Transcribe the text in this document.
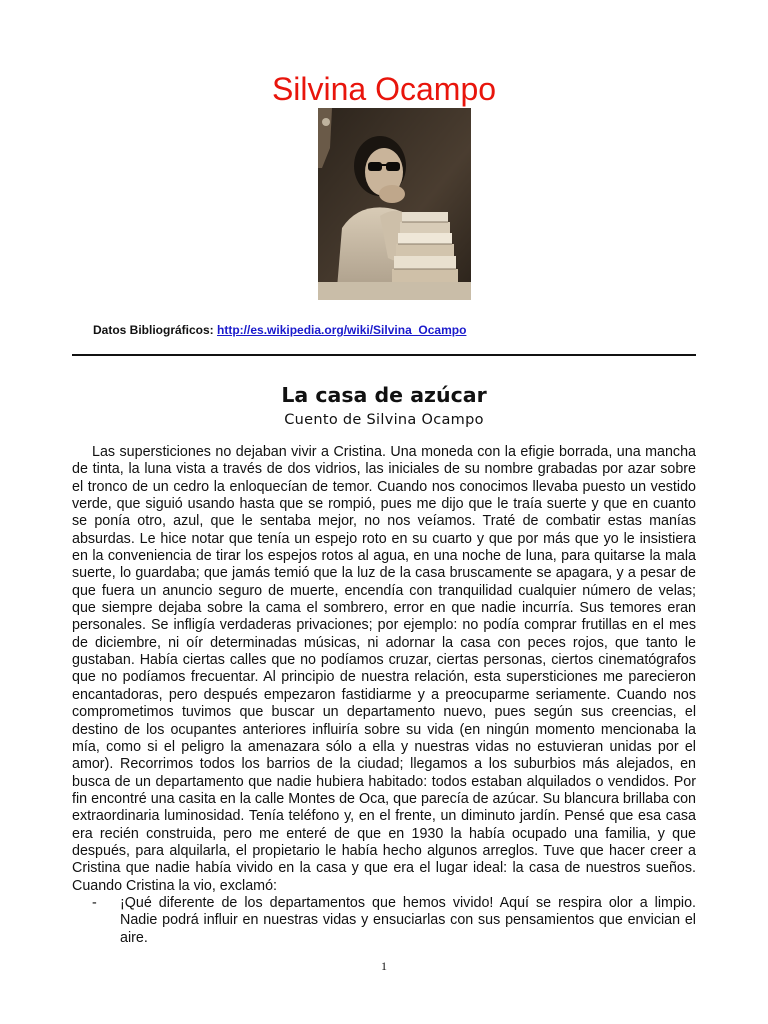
Silvina Ocampo
Datos Bibliográficos: http://es.wikipedia.org/wiki/Silvina_Ocampo
La casa de azúcar
Cuento de Silvina Ocampo

Las supersticiones no dejaban vivir a Cristina. Una moneda con la efigie borrada, una mancha de tinta, la luna vista a través de dos vidrios, las iniciales de su nombre grabadas por azar sobre el tronco de un cedro la enloquecían de temor. Cuando nos conocimos llevaba puesto un vestido verde, que siguió usando hasta que se rompió, pues me dijo que le traía suerte y que en cuanto se ponía otro, azul, que le sentaba mejor, no nos veíamos. Traté de combatir estas manías absurdas. Le hice notar que tenía un espejo roto en su cuarto y que por más que yo le insistiera en la conveniencia de tirar los espejos rotos al agua, en una noche de luna, para quitarse la mala suerte, lo guardaba; que jamás temió que la luz de la casa bruscamente se apagara, y a pesar de que fuera un anuncio seguro de muerte, encendía con tranquilidad cualquier número de velas; que siempre dejaba sobre la cama el sombrero, error en que nadie incurría. Sus temores eran personales. Se infligía verdaderas privaciones; por ejemplo: no podía comprar frutillas en el mes de diciembre, ni oír determinadas músicas, ni adornar la casa con peces rojos, que tanto le gustaban. Había ciertas calles que no podíamos cruzar, ciertas personas, ciertos cinematógrafos que no podíamos frecuentar. Al principio de nuestra relación, esta supersticiones me parecieron encantadoras, pero después empezaron fastidiarme y a preocuparme seriamente. Cuando nos comprometimos tuvimos que buscar un departamento nuevo, pues según sus creencias, el destino de los ocupantes anteriores influiría sobre su vida (en ningún momento mencionaba la mía, como si el peligro la amenazara sólo a ella y nuestras vidas no estuvieran unidas por el amor). Recorrimos todos los barrios de la ciudad; llegamos a los suburbios más alejados, en busca de un departamento que nadie hubiera habitado: todos estaban alquilados o vendidos. Por fin encontré una casita en la calle Montes de Oca, que parecía de azúcar. Su blancura brillaba con extraordinaria luminosidad. Tenía teléfono y, en el frente, un diminuto jardín. Pensé que esa casa era recién construida, pero me enteré de que en 1930 la había ocupado una familia, y que después, para alquilarla, el propietario le había hecho algunos arreglos. Tuve que hacer creer a Cristina que nadie había vivido en la casa y que era el lugar ideal: la casa de nuestros sueños. Cuando Cristina la vio, exclamó:

- ¡Qué diferente de los departamentos que hemos vivido! Aquí se respira olor a limpio. Nadie podrá influir en nuestras vidas y ensuciarlas con sus pensamientos que envician el aire.
1
